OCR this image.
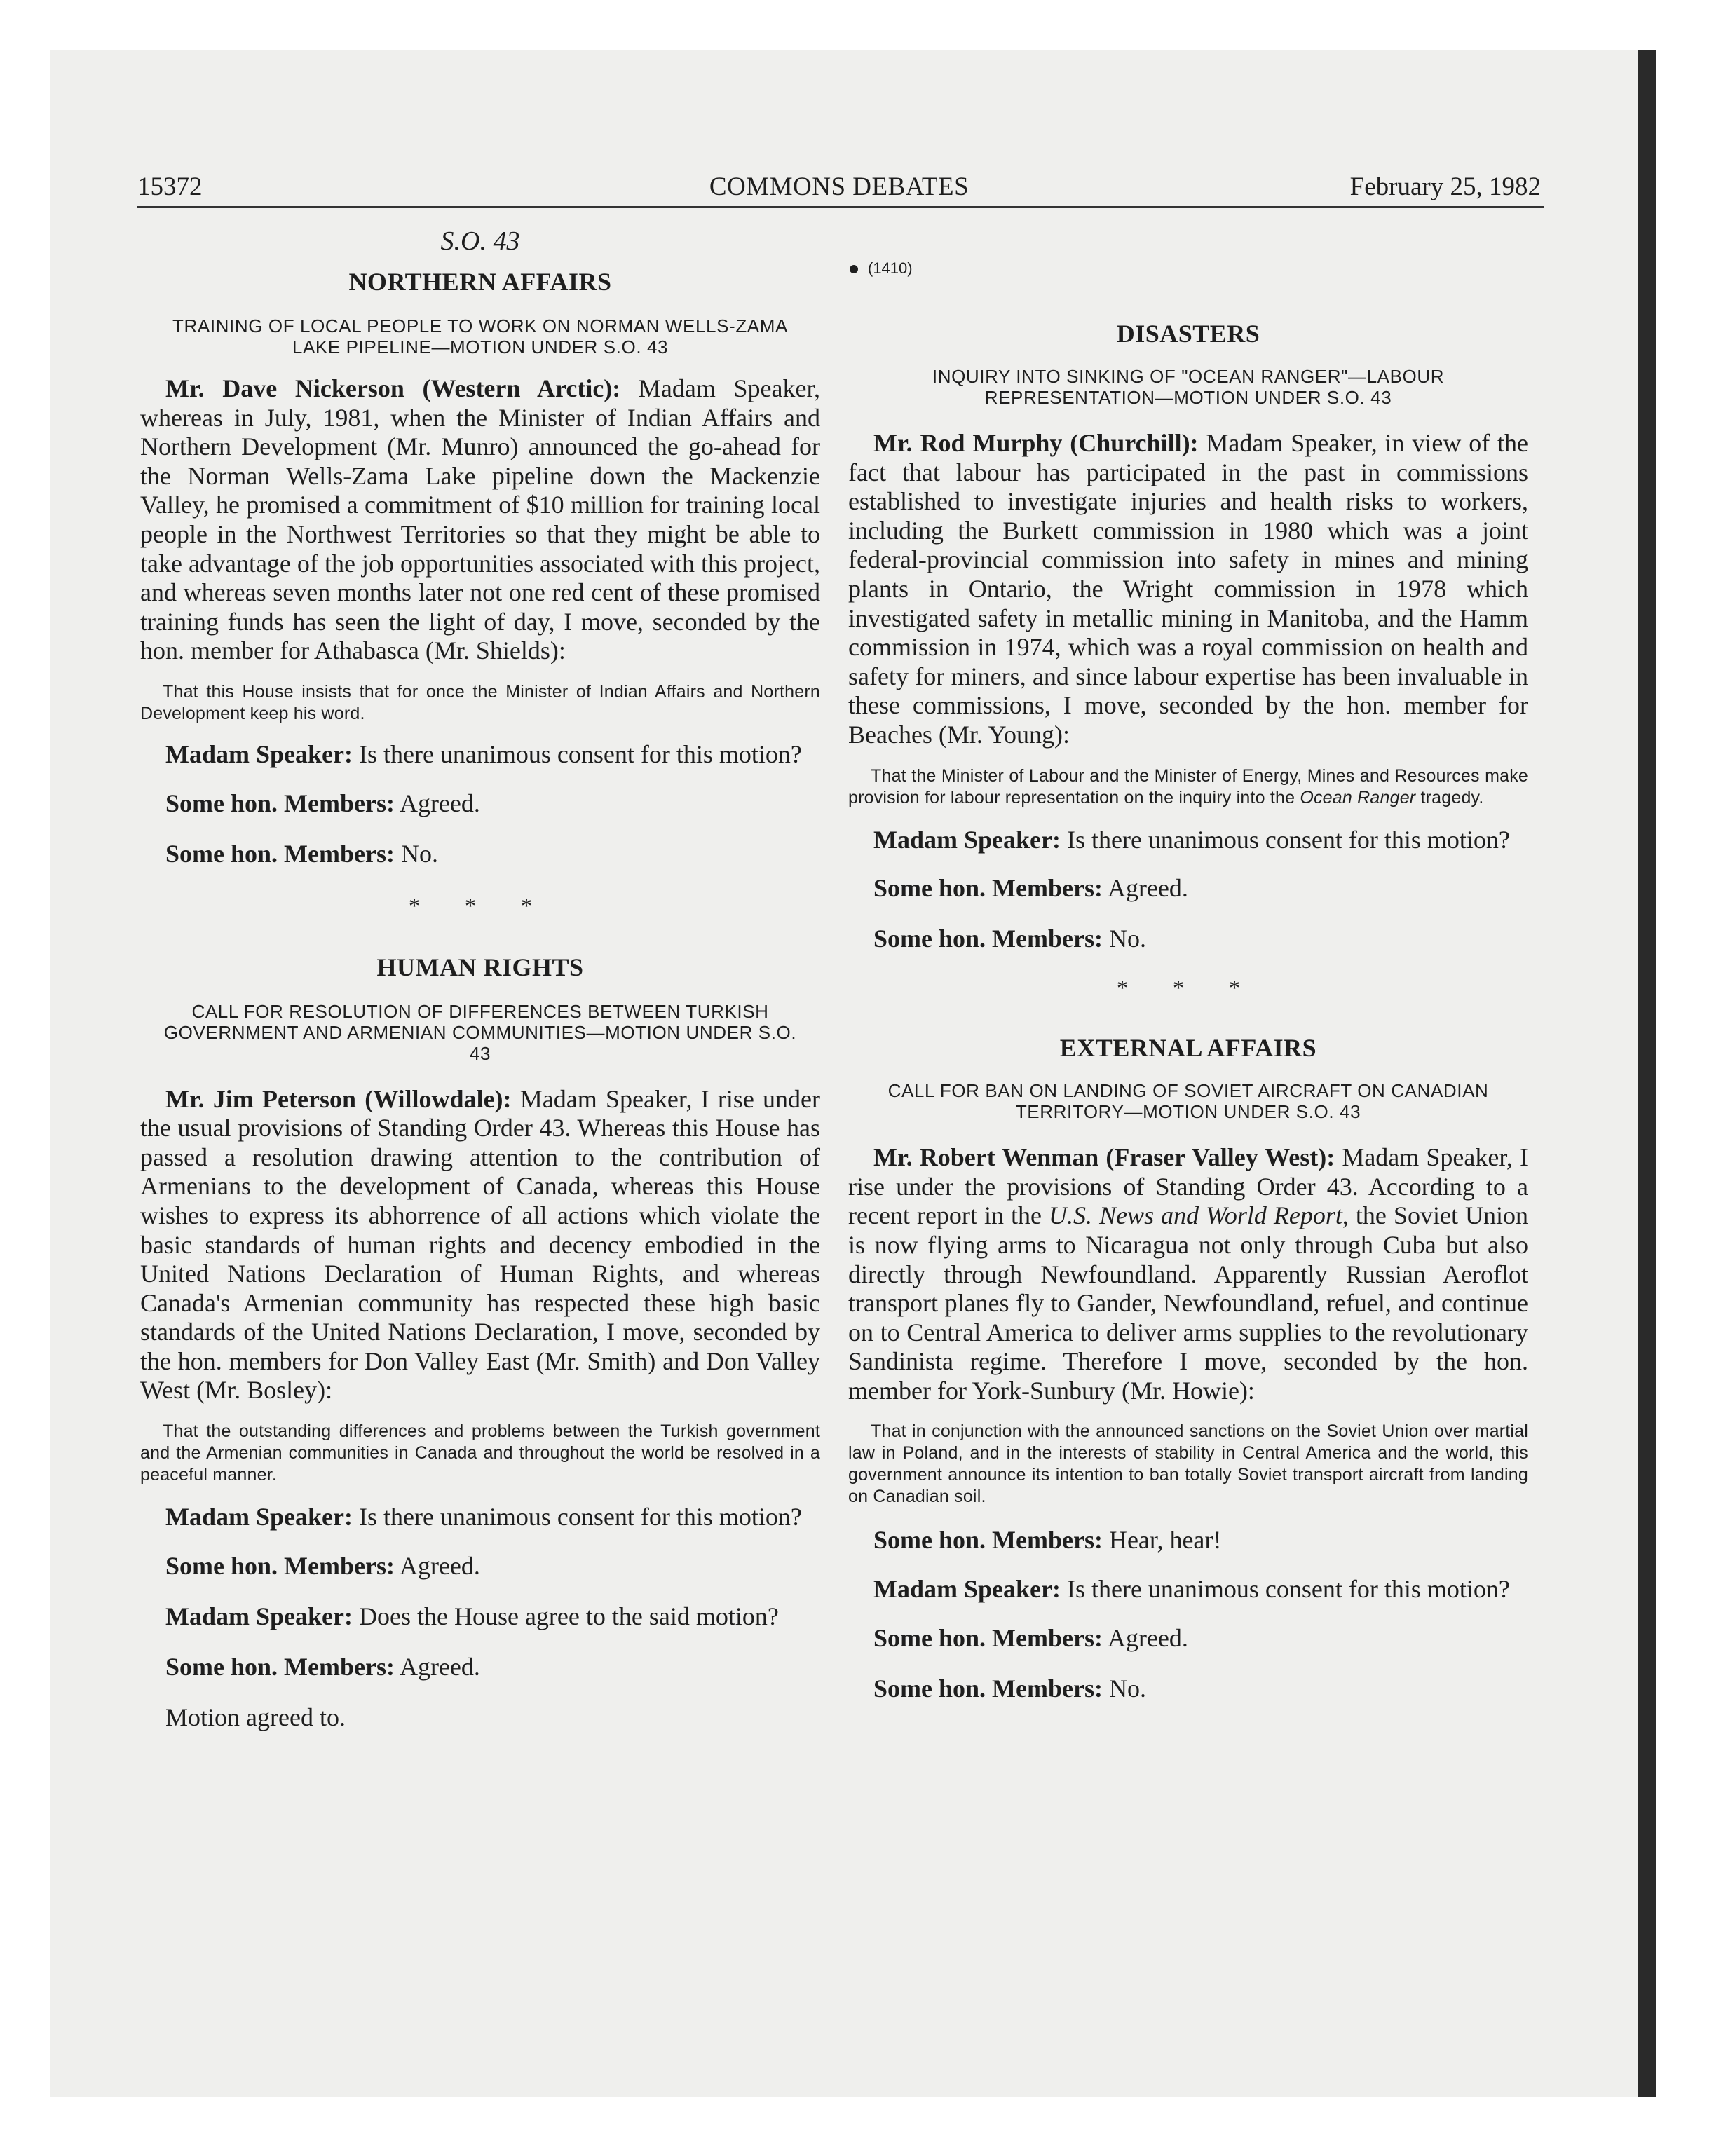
15372	COMMONS DEBATES	February 25, 1982

S.O. 43

NORTHERN AFFAIRS

TRAINING OF LOCAL PEOPLE TO WORK ON NORMAN WELLS-ZAMA LAKE PIPELINE—MOTION UNDER S.O. 43

Mr. Dave Nickerson (Western Arctic): Madam Speaker, whereas in July, 1981, when the Minister of Indian Affairs and Northern Development (Mr. Munro) announced the go-ahead for the Norman Wells-Zama Lake pipeline down the Mackenzie Valley, he promised a commitment of $10 million for training local people in the Northwest Territories so that they might be able to take advantage of the job opportunities associated with this project, and whereas seven months later not one red cent of these promised training funds has seen the light of day, I move, seconded by the hon. member for Athabasca (Mr. Shields):

That this House insists that for once the Minister of Indian Affairs and Northern Development keep his word.

Madam Speaker: Is there unanimous consent for this motion?

Some hon. Members: Agreed.

Some hon. Members: No.

* * *

HUMAN RIGHTS

CALL FOR RESOLUTION OF DIFFERENCES BETWEEN TURKISH GOVERNMENT AND ARMENIAN COMMUNITIES—MOTION UNDER S.O. 43

Mr. Jim Peterson (Willowdale): Madam Speaker, I rise under the usual provisions of Standing Order 43. Whereas this House has passed a resolution drawing attention to the contribution of Armenians to the development of Canada, whereas this House wishes to express its abhorrence of all actions which violate the basic standards of human rights and decency embodied in the United Nations Declaration of Human Rights, and whereas Canada's Armenian community has respected these high basic standards of the United Nations Declaration, I move, seconded by the hon. members for Don Valley East (Mr. Smith) and Don Valley West (Mr. Bosley):

That the outstanding differences and problems between the Turkish government and the Armenian communities in Canada and throughout the world be resolved in a peaceful manner.

Madam Speaker: Is there unanimous consent for this motion?

Some hon. Members: Agreed.

Madam Speaker: Does the House agree to the said motion?

Some hon. Members: Agreed.

Motion agreed to.

(1410)

DISASTERS

INQUIRY INTO SINKING OF "OCEAN RANGER"—LABOUR REPRESENTATION—MOTION UNDER S.O. 43

Mr. Rod Murphy (Churchill): Madam Speaker, in view of the fact that labour has participated in the past in commissions established to investigate injuries and health risks to workers, including the Burkett commission in 1980 which was a joint federal-provincial commission into safety in mines and mining plants in Ontario, the Wright commission in 1978 which investigated safety in metallic mining in Manitoba, and the Hamm commission in 1974, which was a royal commission on health and safety for miners, and since labour expertise has been invaluable in these commissions, I move, seconded by the hon. member for Beaches (Mr. Young):

That the Minister of Labour and the Minister of Energy, Mines and Resources make provision for labour representation on the inquiry into the Ocean Ranger tragedy.

Madam Speaker: Is there unanimous consent for this motion?

Some hon. Members: Agreed.

Some hon. Members: No.

* * *

EXTERNAL AFFAIRS

CALL FOR BAN ON LANDING OF SOVIET AIRCRAFT ON CANADIAN TERRITORY—MOTION UNDER S.O. 43

Mr. Robert Wenman (Fraser Valley West): Madam Speaker, I rise under the provisions of Standing Order 43. According to a recent report in the U.S. News and World Report, the Soviet Union is now flying arms to Nicaragua not only through Cuba but also directly through Newfoundland. Apparently Russian Aeroflot transport planes fly to Gander, Newfoundland, refuel, and continue on to Central America to deliver arms supplies to the revolutionary Sandinista regime. Therefore I move, seconded by the hon. member for York-Sunbury (Mr. Howie):

That in conjunction with the announced sanctions on the Soviet Union over martial law in Poland, and in the interests of stability in Central America and the world, this government announce its intention to ban totally Soviet transport aircraft from landing on Canadian soil.

Some hon. Members: Hear, hear!

Madam Speaker: Is there unanimous consent for this motion?

Some hon. Members: Agreed.

Some hon. Members: No.
